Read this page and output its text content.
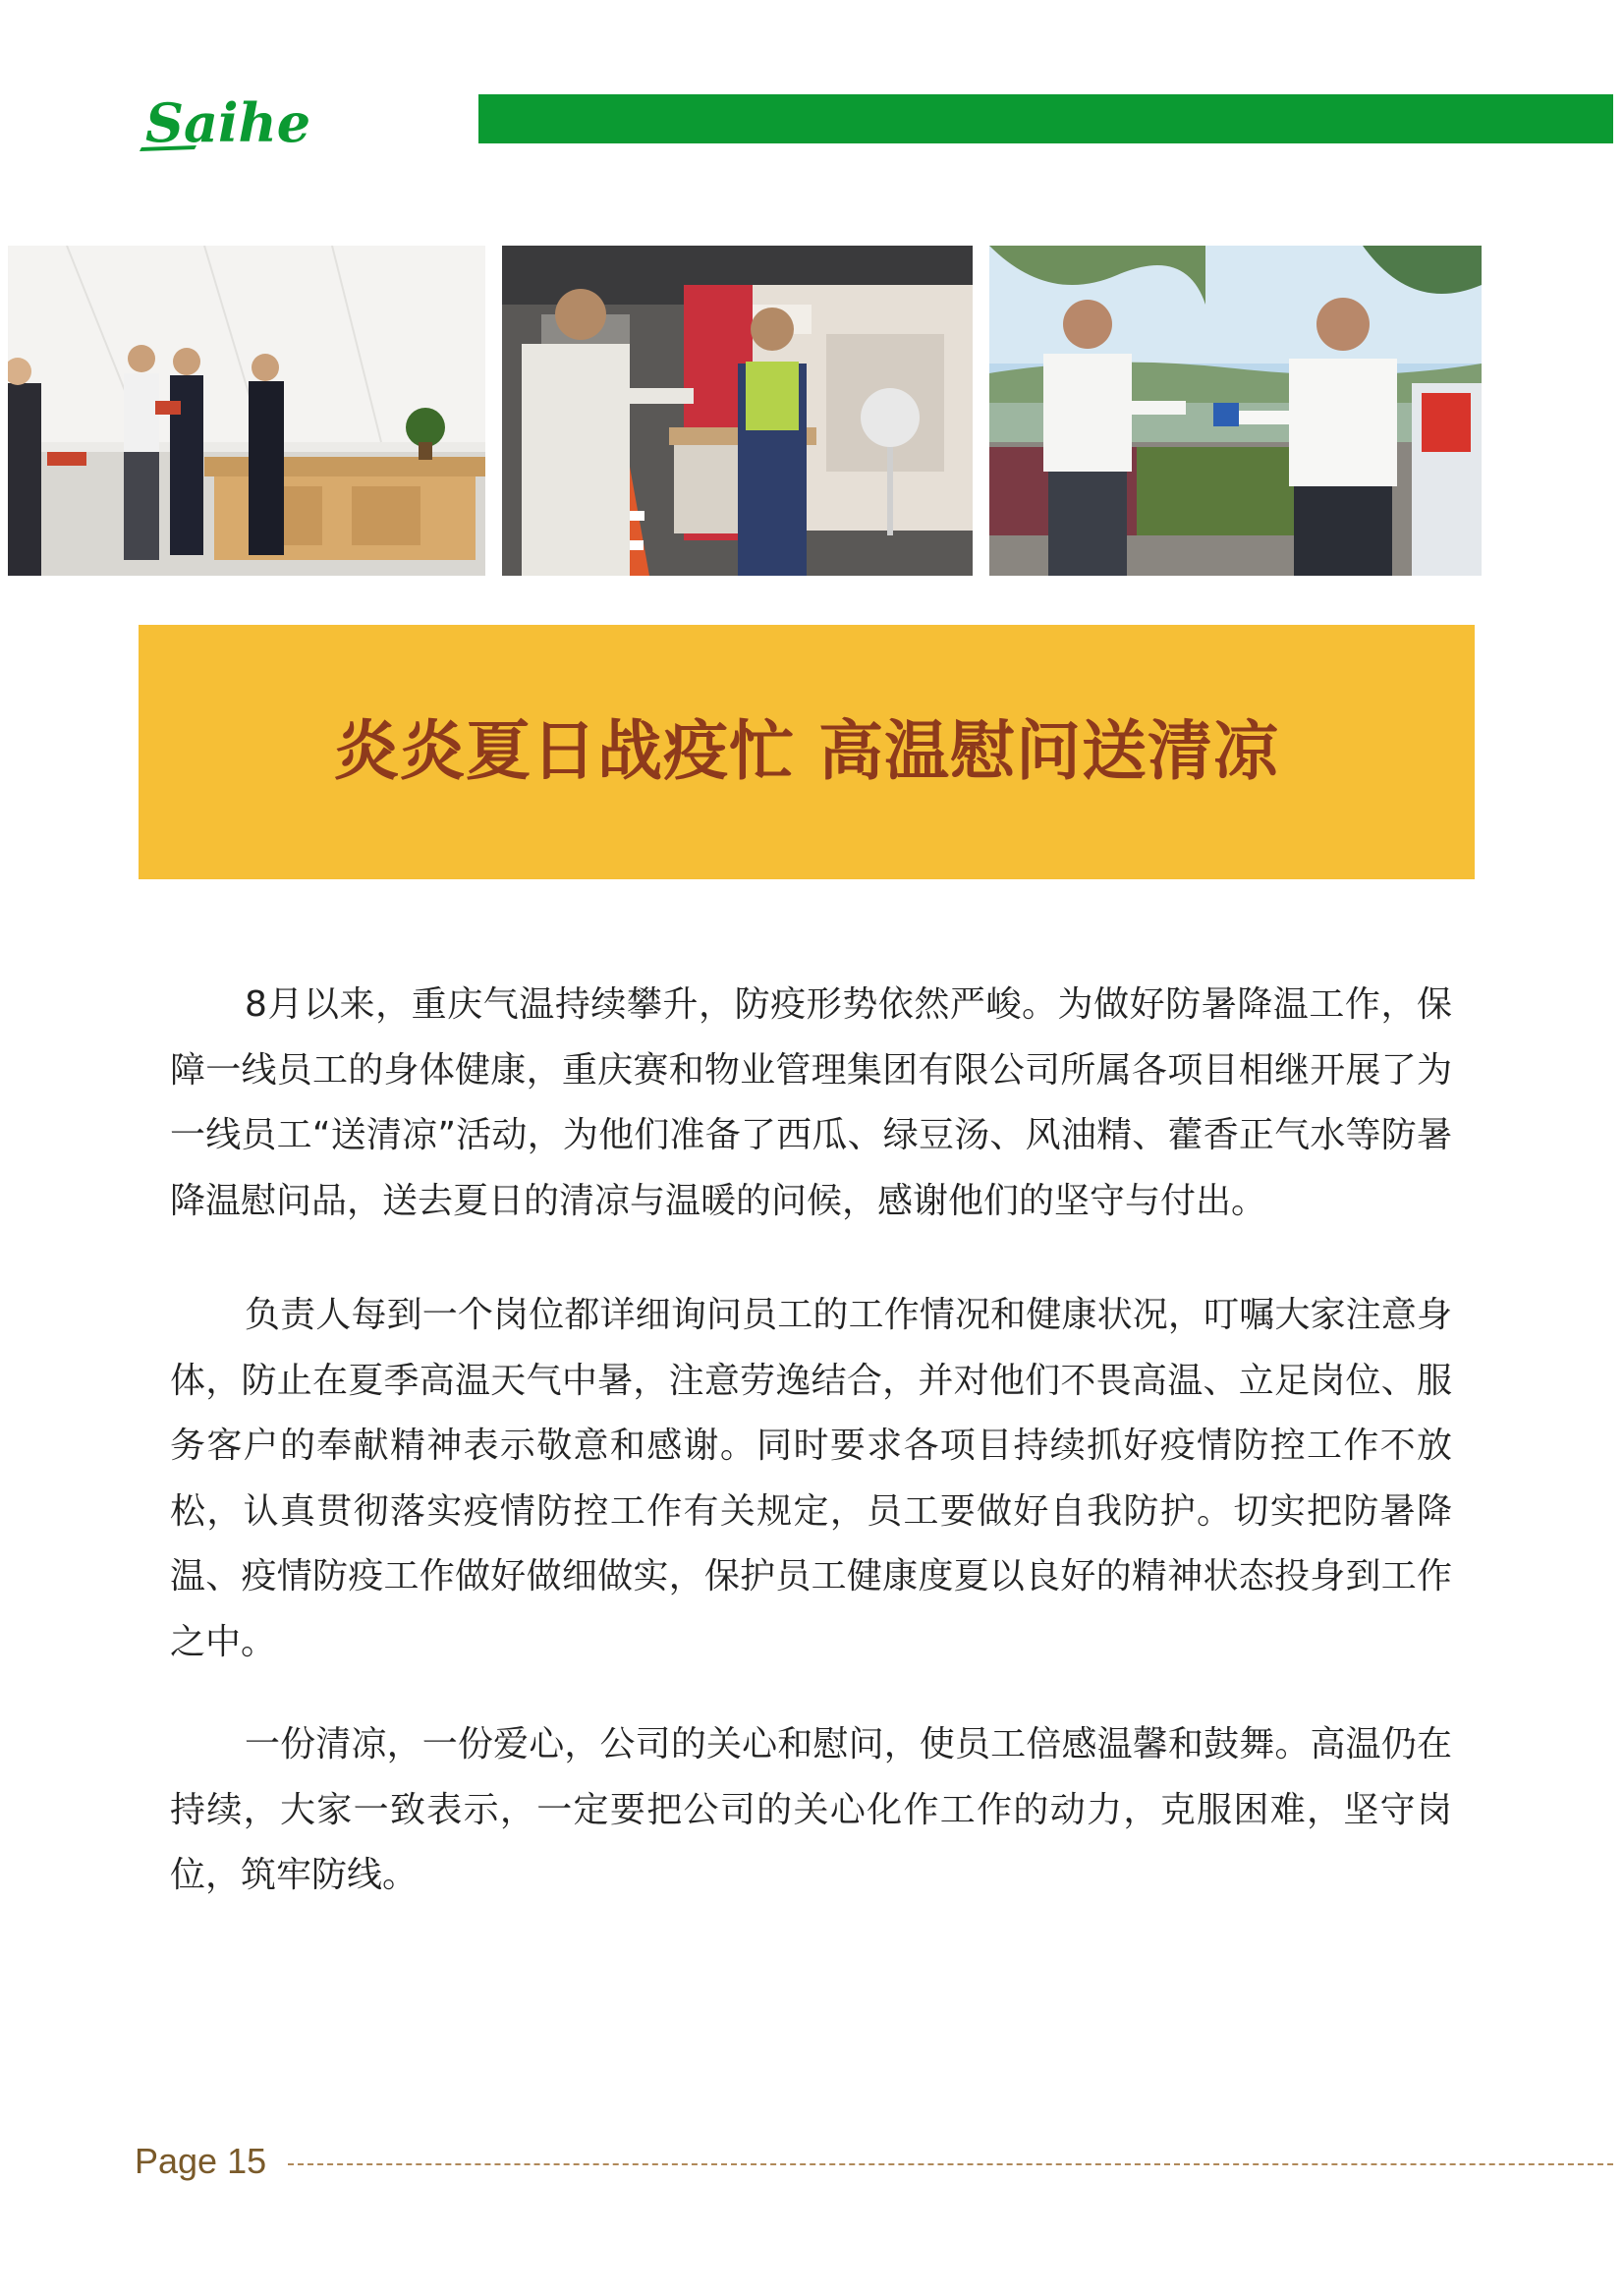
Saihe
炎炎夏日战疫忙 高温慰问送清凉

8月以来，重庆气温持续攀升，防疫形势依然严峻。为做好防暑降温工作，保障一线员工的身体健康，重庆赛和物业管理集团有限公司所属各项目相继开展了为一线员工“送清凉”活动，为他们准备了西瓜、绿豆汤、风油精、藿香正气水等防暑降温慰问品，送去夏日的清凉与温暖的问候，感谢他们的坚守与付出。

负责人每到一个岗位都详细询问员工的工作情况和健康状况，叮嘱大家注意身体，防止在夏季高温天气中暑，注意劳逸结合，并对他们不畏高温、立足岗位、服务客户的奉献精神表示敬意和感谢。同时要求各项目持续抓好疫情防控工作不放松，认真贯彻落实疫情防控工作有关规定，员工要做好自我防护。切实把防暑降温、疫情防疫工作做好做细做实，保护员工健康度夏以良好的精神状态投身到工作之中。

一份清凉，一份爱心，公司的关心和慰问，使员工倍感温馨和鼓舞。高温仍在持续，大家一致表示，一定要把公司的关心化作工作的动力，克服困难，坚守岗位，筑牢防线。

Page 15
